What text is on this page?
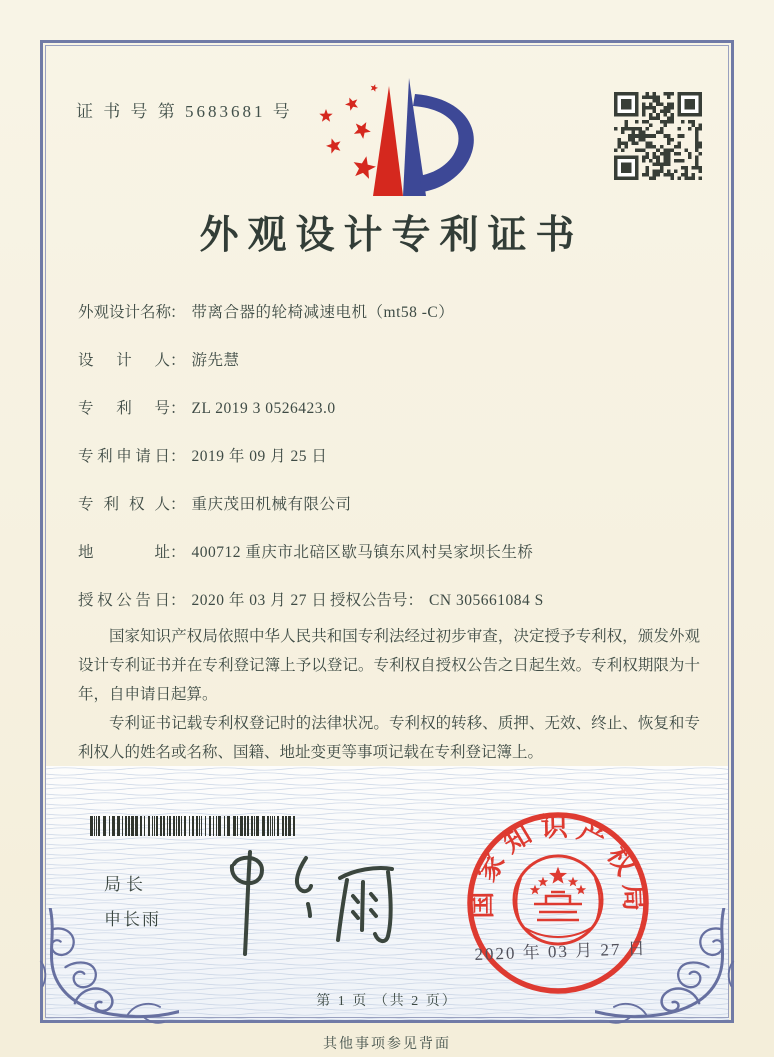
证 书 号 第 5683681 号
外观设计专利证书
外观设计名称： 带离合器的轮椅减速电机（mt58 -C）
设计人： 游先慧
专利号： ZL 2019 3 0526423.0
专利申请日： 2019 年 09 月 25 日
专利权人： 重庆茂田机械有限公司
地址： 400712 重庆市北碚区歇马镇东风村吴家坝长生桥
授权公告日： 2020 年 03 月 27 日 授权公告号： CN 305661084 S

国家知识产权局依照中华人民共和国专利法经过初步审查，决定授予专利权，颁发外观设计专利证书并在专利登记簿上予以登记。专利权自授权公告之日起生效。专利权期限为十年，自申请日起算。

专利证书记载专利权登记时的法律状况。专利权的转移、质押、无效、终止、恢复和专利权人的姓名或名称、国籍、地址变更等事项记载在专利登记簿上。

局长
申长雨
国家知识产权局
2020 年 03 月 27 日
第 1 页 （共 2 页）
其他事项参见背面
